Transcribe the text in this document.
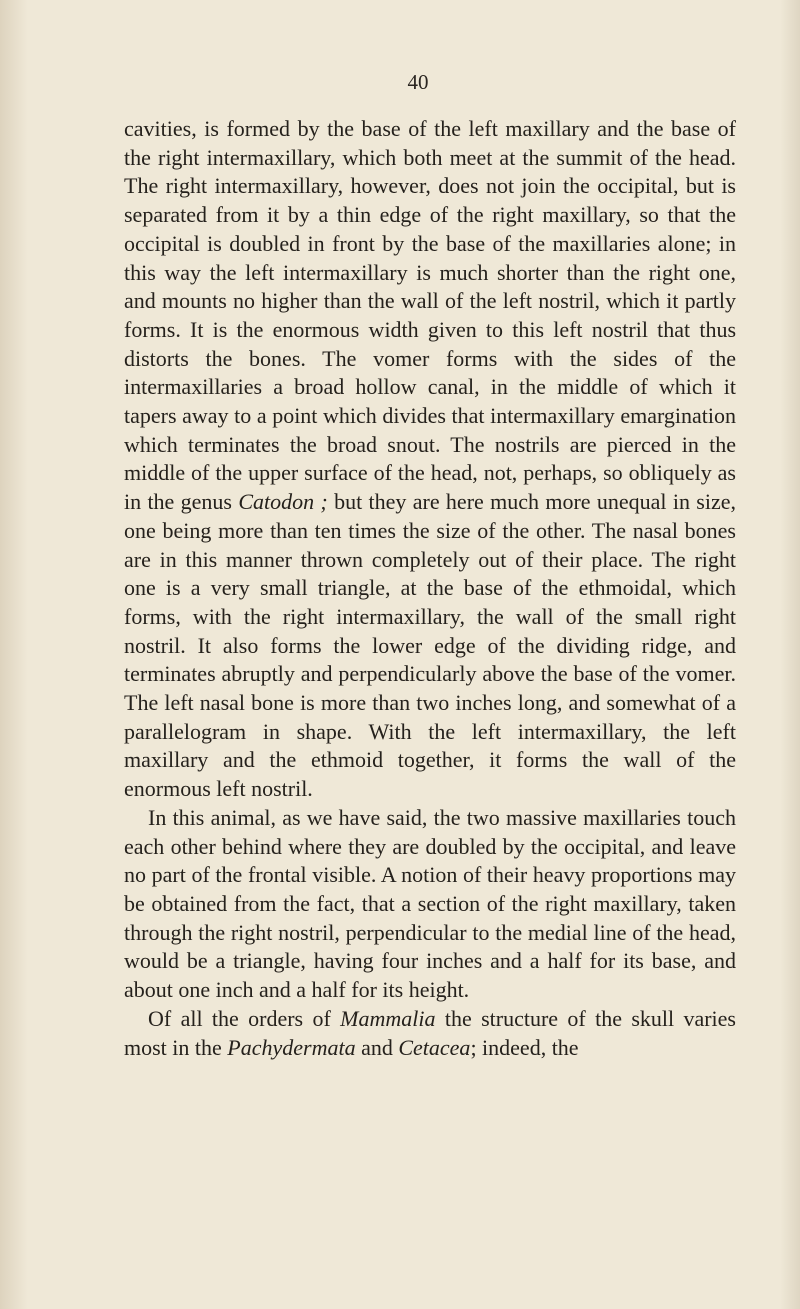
40

cavities, is formed by the base of the left maxillary and the base of the right intermaxillary, which both meet at the summit of the head. The right intermaxillary, however, does not join the occipital, but is separated from it by a thin edge of the right maxillary, so that the occipital is doubled in front by the base of the maxillaries alone; in this way the left intermaxillary is much shorter than the right one, and mounts no higher than the wall of the left nostril, which it partly forms. It is the enormous width given to this left nostril that thus distorts the bones. The vomer forms with the sides of the intermaxillaries a broad hollow canal, in the middle of which it tapers away to a point which divides that intermaxillary emargination which terminates the broad snout. The nostrils are pierced in the middle of the upper surface of the head, not, perhaps, so obliquely as in the genus Catodon ; but they are here much more unequal in size, one being more than ten times the size of the other. The nasal bones are in this manner thrown completely out of their place. The right one is a very small triangle, at the base of the ethmoidal, which forms, with the right intermaxillary, the wall of the small right nostril. It also forms the lower edge of the dividing ridge, and terminates abruptly and perpendicularly above the base of the vomer. The left nasal bone is more than two inches long, and somewhat of a parallelogram in shape. With the left intermaxillary, the left maxillary and the ethmoid together, it forms the wall of the enormous left nostril.

In this animal, as we have said, the two massive maxillaries touch each other behind where they are doubled by the occipital, and leave no part of the frontal visible. A notion of their heavy proportions may be obtained from the fact, that a section of the right maxillary, taken through the right nostril, perpendicular to the medial line of the head, would be a triangle, having four inches and a half for its base, and about one inch and a half for its height.

Of all the orders of Mammalia the structure of the skull varies most in the Pachydermata and Cetacea; indeed, the
